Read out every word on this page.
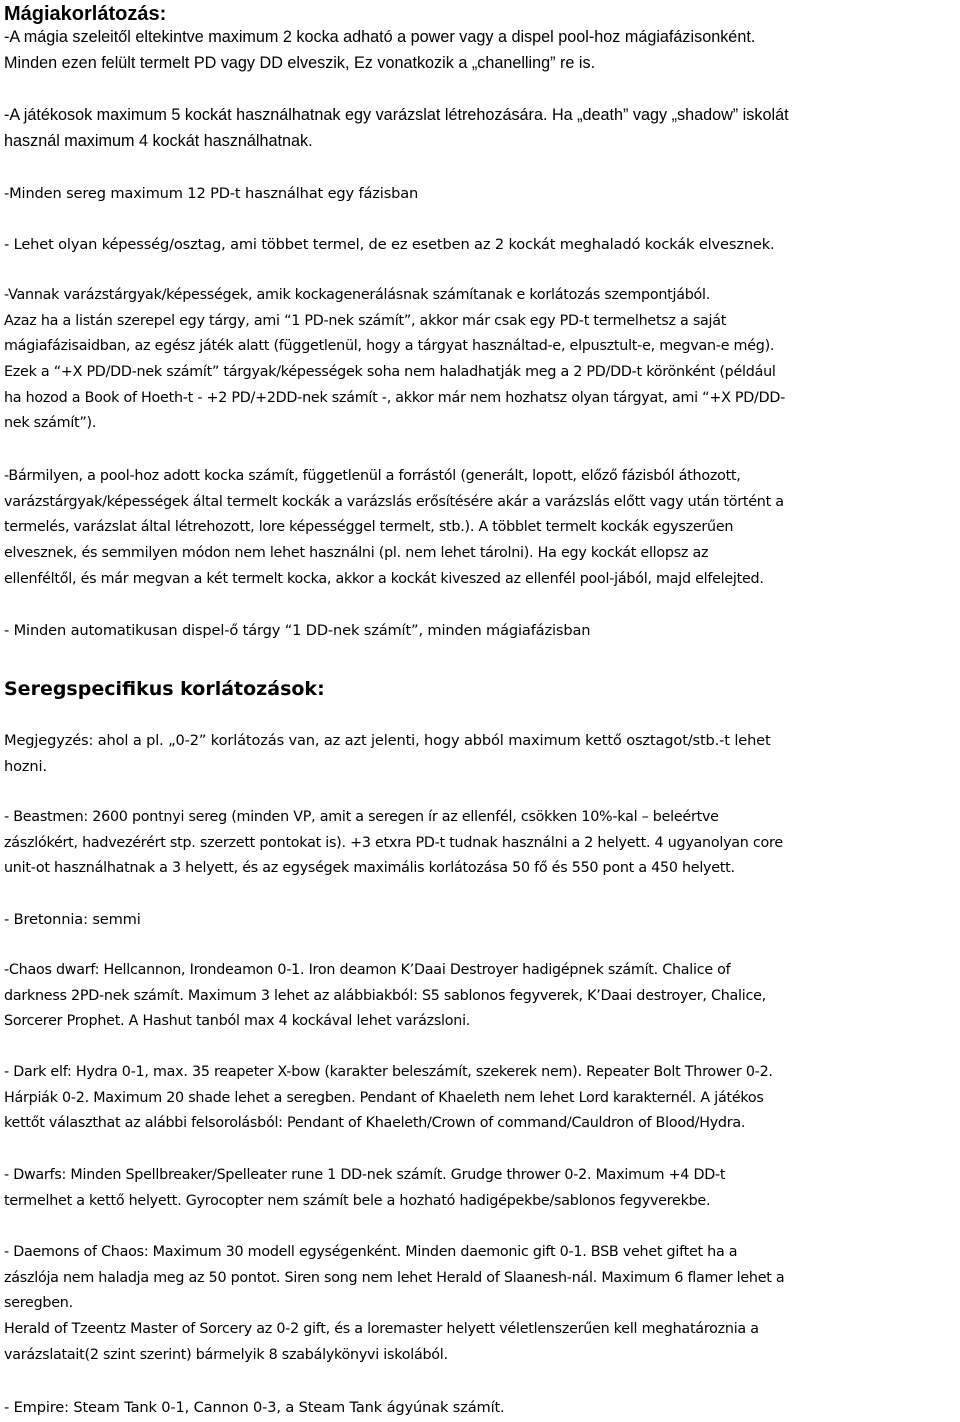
Mágiakorlátozás:
-A mágia szeleitől eltekintve maximum 2 kocka adható a power vagy a dispel pool-hoz mágiafázisonként.
Minden ezen felült termelt PD vagy DD elveszik, Ez vonatkozik a „chanelling” re is.
-A játékosok maximum 5 kockát használhatnak egy varázslat létrehozására. Ha „death” vagy „shadow” iskolát
használ maximum 4 kockát használhatnak.
-Minden sereg maximum 12 PD-t használhat egy fázisban
- Lehet olyan képesség/osztag, ami többet termel, de ez esetben az 2 kockát meghaladó kockák elvesznek.
-Vannak varázstárgyak/képességek, amik kockagenerálásnak számítanak e korlátozás szempontjából.
Azaz ha a listán szerepel egy tárgy, ami “1 PD-nek számít”, akkor már csak egy PD-t termelhetsz a saját
mágiafázisaidban, az egész játék alatt (függetlenül, hogy a tárgyat használtad-e, elpusztult-e, megvan-e még).
Ezek a “+X PD/DD-nek számít” tárgyak/képességek soha nem haladhatják meg a 2 PD/DD-t körönként (például
ha hozod a Book of Hoeth-t - +2 PD/+2DD-nek számít -, akkor már nem hozhatsz olyan tárgyat, ami “+X PD/DD-
nek számít”).
-Bármilyen, a pool-hoz adott kocka számít, függetlenül a forrástól (generált, lopott, előző fázisból áthozott,
varázstárgyak/képességek által termelt kockák a varázslás erősítésére akár a varázslás előtt vagy után történt a
termelés, varázslat által létrehozott, lore képességgel termelt, stb.). A többlet termelt kockák egyszerűen
elvesznek, és semmilyen módon nem lehet használni (pl. nem lehet tárolni). Ha egy kockát ellopsz az
ellenféltől, és már megvan a két termelt kocka, akkor a kockát kiveszed az ellenfél pool-jából, majd elfelejted.
- Minden automatikusan dispel-ő tárgy “1 DD-nek számít”, minden mágiafázisban
Seregspecifikus korlátozások:
Megjegyzés: ahol a pl. „0-2” korlátozás van, az azt jelenti, hogy abból maximum kettő osztagot/stb.-t lehet
hozni.
- Beastmen: 2600 pontnyi sereg (minden VP, amit a seregen ír az ellenfél, csökken 10%-kal – beleértve
zászlókért, hadvezérért stp. szerzett pontokat is). +3 etxra PD-t tudnak használni a 2 helyett. 4 ugyanolyan core
unit-ot használhatnak a 3 helyett, és az egységek maximális korlátozása 50 fő és 550 pont a 450 helyett.
- Bretonnia: semmi
-Chaos dwarf: Hellcannon, Irondeamon 0-1. Iron deamon K’Daai Destroyer hadigépnek számít. Chalice of
darkness 2PD-nek számít. Maximum 3 lehet az alábbiakból: S5 sablonos fegyverek, K’Daai destroyer, Chalice,
Sorcerer Prophet. A Hashut tanból max 4 kockával lehet varázsloni.
- Dark elf: Hydra 0-1, max. 35 reapeter X-bow (karakter beleszámít, szekerek nem). Repeater Bolt Thrower 0-2.
Hárpiák 0-2. Maximum 20 shade lehet a seregben. Pendant of Khaeleth nem lehet Lord karakternél. A játékos
kettőt választhat az alábbi felsorolásból: Pendant of Khaeleth/Crown of command/Cauldron of Blood/Hydra.
- Dwarfs: Minden Spellbreaker/Spelleater rune 1 DD-nek számít. Grudge thrower 0-2. Maximum +4 DD-t
termelhet a kettő helyett. Gyrocopter nem számít bele a hozható hadigépekbe/sablonos fegyverekbe.
- Daemons of Chaos: Maximum 30 modell egységenként. Minden daemonic gift 0-1. BSB vehet giftet ha a
zászlója nem haladja meg az 50 pontot. Siren song nem lehet Herald of Slaanesh-nál. Maximum 6 flamer lehet a
seregben.
Herald of Tzeentz Master of Sorcery az 0-2 gift, és a loremaster helyett véletlenszerűen kell meghatároznia a
varázslatait(2 szint szerint) bármelyik 8 szabálykönyvi iskolából.
- Empire: Steam Tank 0-1, Cannon 0-3, a Steam Tank ágyúnak számít.
